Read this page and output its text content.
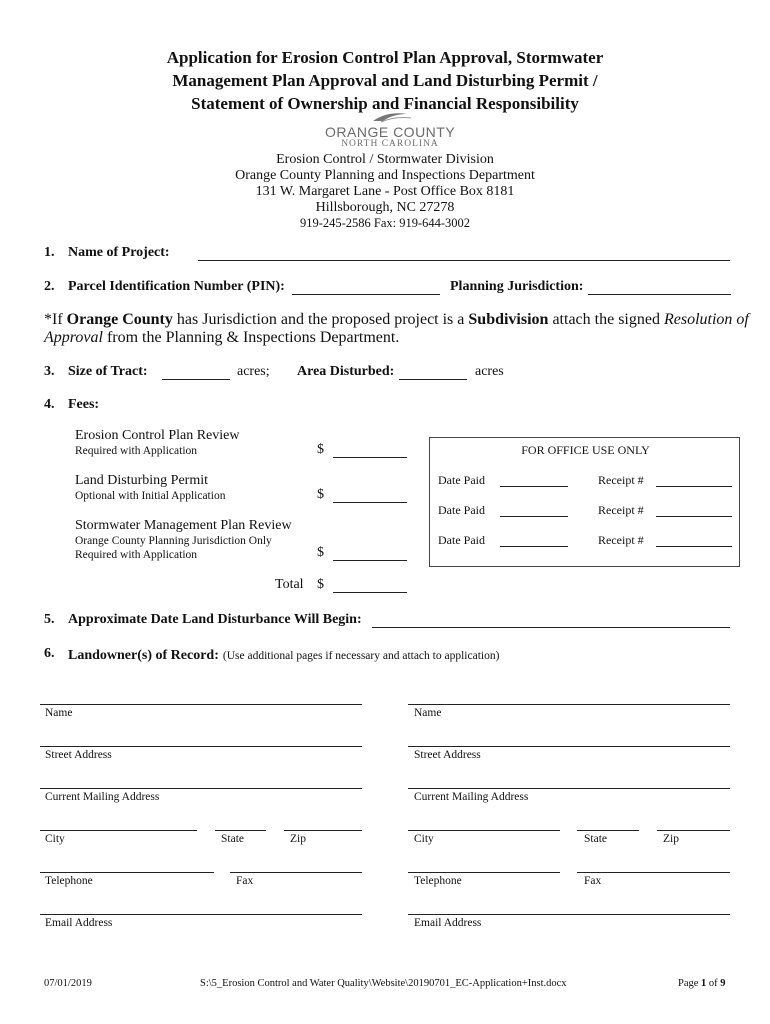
Application for Erosion Control Plan Approval, Stormwater
Management Plan Approval and Land Disturbing Permit /
Statement of Ownership and Financial Responsibility
ORANGE COUNTY
NORTH CAROLINA
Erosion Control / Stormwater Division
Orange County Planning and Inspections Department
131 W. Margaret Lane - Post Office Box 8181
Hillsborough, NC 27278
919-245-2586 Fax: 919-644-3002
1. Name of Project:
2. Parcel Identification Number (PIN):	Planning Jurisdiction:
*If Orange County has Jurisdiction and the proposed project is a Subdivision attach the signed Resolution of
Approval from the Planning & Inspections Department.
3. Size of Tract:	acres; Area Disturbed:	acres
4. Fees:
Erosion Control Plan Review
Required with Application	$
Land Disturbing Permit
Optional with Initial Application	$
Stormwater Management Plan Review
Orange County Planning Jurisdiction Only
Required with Application	$
Total $
FOR OFFICE USE ONLY
Date Paid	Receipt #
Date Paid	Receipt #
Date Paid	Receipt #
5. Approximate Date Land Disturbance Will Begin:
6. Landowner(s) of Record: (Use additional pages if necessary and attach to application)
Name
Street Address
Current Mailing Address
City	State	Zip
Telephone	Fax
Email Address
Name
Street Address
Current Mailing Address
City	State	Zip
Telephone	Fax
Email Address
07/01/2019	S:\5_Erosion Control and Water Quality\Website\20190701_EC-Application+Inst.docx	Page 1 of 9
